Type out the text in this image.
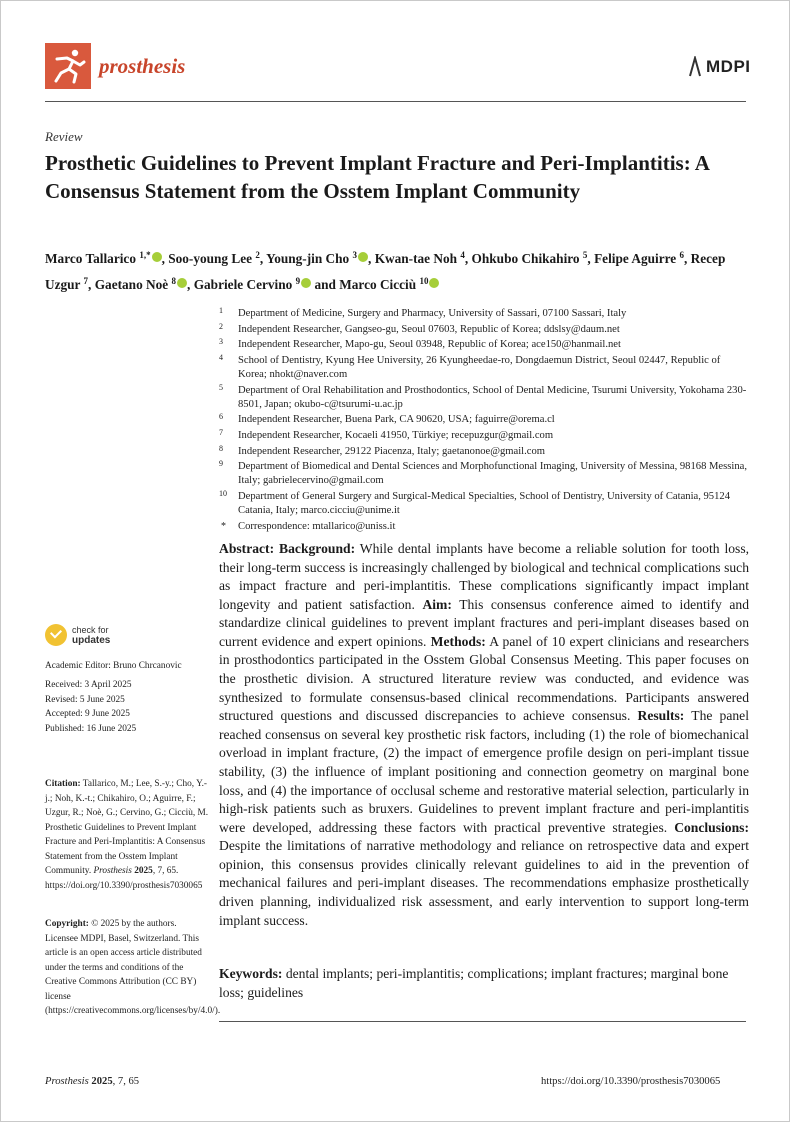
prosthesis	MDPI
Review
Prosthetic Guidelines to Prevent Implant Fracture and Peri-Implantitis: A Consensus Statement from the Osstem Implant Community
Marco Tallarico $^{1,*}$ , Soo-young Lee $^2$, Young-jin Cho $^3$ , Kwan-tae Noh $^4$, Ohkubo Chikahiro $^5$, Felipe Aguirre $^6$, Recep Uzgur $^7$, Gaetano Noè $^8$ , Gabriele Cervino $^9$ and Marco Cicciù $^{10}$
1 Department of Medicine, Surgery and Pharmacy, University of Sassari, 07100 Sassari, Italy
2 Independent Researcher, Gangseo-gu, Seoul 07603, Republic of Korea; ddslsy@daum.net
3 Independent Researcher, Mapo-gu, Seoul 03948, Republic of Korea; ace150@hanmail.net
4 School of Dentistry, Kyung Hee University, 26 Kyungheedae-ro, Dongdaemun District, Seoul 02447, Republic of Korea; nhokt@naver.com
5 Department of Oral Rehabilitation and Prosthodontics, School of Dental Medicine, Tsurumi University, Yokohama 230-8501, Japan; okubo-c@tsurumi-u.ac.jp
6 Independent Researcher, Buena Park, CA 90620, USA; faguirre@orema.cl
7 Independent Researcher, Kocaeli 41950, Türkiye; recepuzgur@gmail.com
8 Independent Researcher, 29122 Piacenza, Italy; gaetanonoe@gmail.com
9 Department of Biomedical and Dental Sciences and Morphofunctional Imaging, University of Messina, 98168 Messina, Italy; gabrielecervino@gmail.com
10 Department of General Surgery and Surgical-Medical Specialties, School of Dentistry, University of Catania, 95124 Catania, Italy; marco.cicciu@unime.it
* Correspondence: mtallarico@uniss.it
Abstract: Background: While dental implants have become a reliable solution for tooth loss, their long-term success is increasingly challenged by biological and technical complications such as impact fracture and peri-implantitis. These complications significantly impact implant longevity and patient satisfaction. Aim: This consensus conference aimed to identify and standardize clinical guidelines to prevent implant fractures and peri-implant diseases based on current evidence and expert opinions. Methods: A panel of 10 expert clinicians and researchers in prosthodontics participated in the Osstem Global Consensus Meeting. This paper focuses on the prosthetic division. A structured literature review was conducted, and evidence was synthesized to formulate consensus-based clinical recommendations. Participants answered structured questions and discussed discrepancies to achieve consensus. Results: The panel reached consensus on several key prosthetic risk factors, including (1) the role of biomechanical overload in implant fracture, (2) the impact of emergence profile design on peri-implant tissue stability, (3) the influence of implant positioning and connection geometry on marginal bone loss, and (4) the importance of occlusal scheme and restorative material selection, particularly in high-risk patients such as bruxers. Guidelines to prevent implant fracture and peri-implantitis were developed, addressing these factors with practical preventive strategies. Conclusions: Despite the limitations of narrative methodology and reliance on retrospective data and expert opinion, this consensus provides clinically relevant guidelines to aid in the prevention of mechanical failures and peri-implant diseases. The recommendations emphasize prosthetically driven planning, individualized risk assessment, and early intervention to support long-term implant success.
Keywords: dental implants; peri-implantitis; complications; implant fractures; marginal bone loss; guidelines
check for
updates
Academic Editor: Bruno Chrcanovic
Received: 3 April 2025
Revised: 5 June 2025
Accepted: 9 June 2025
Published: 16 June 2025
Citation: Tallarico, M.; Lee, S.-y.; Cho, Y.-j.; Noh, K.-t.; Chikahiro, O.; Aguirre, F.; Uzgur, R.; Noè, G.; Cervino, G.; Cicciù, M. Prosthetic Guidelines to Prevent Implant Fracture and Peri-Implantitis: A Consensus Statement from the Osstem Implant Community. Prosthesis 2025, 7, 65. https://doi.org/10.3390/prosthesis7030065
Copyright: © 2025 by the authors. Licensee MDPI, Basel, Switzerland. This article is an open access article distributed under the terms and conditions of the Creative Commons Attribution (CC BY) license (https://creativecommons.org/licenses/by/4.0/).
Prosthesis 2025, 7, 65	https://doi.org/10.3390/prosthesis7030065
